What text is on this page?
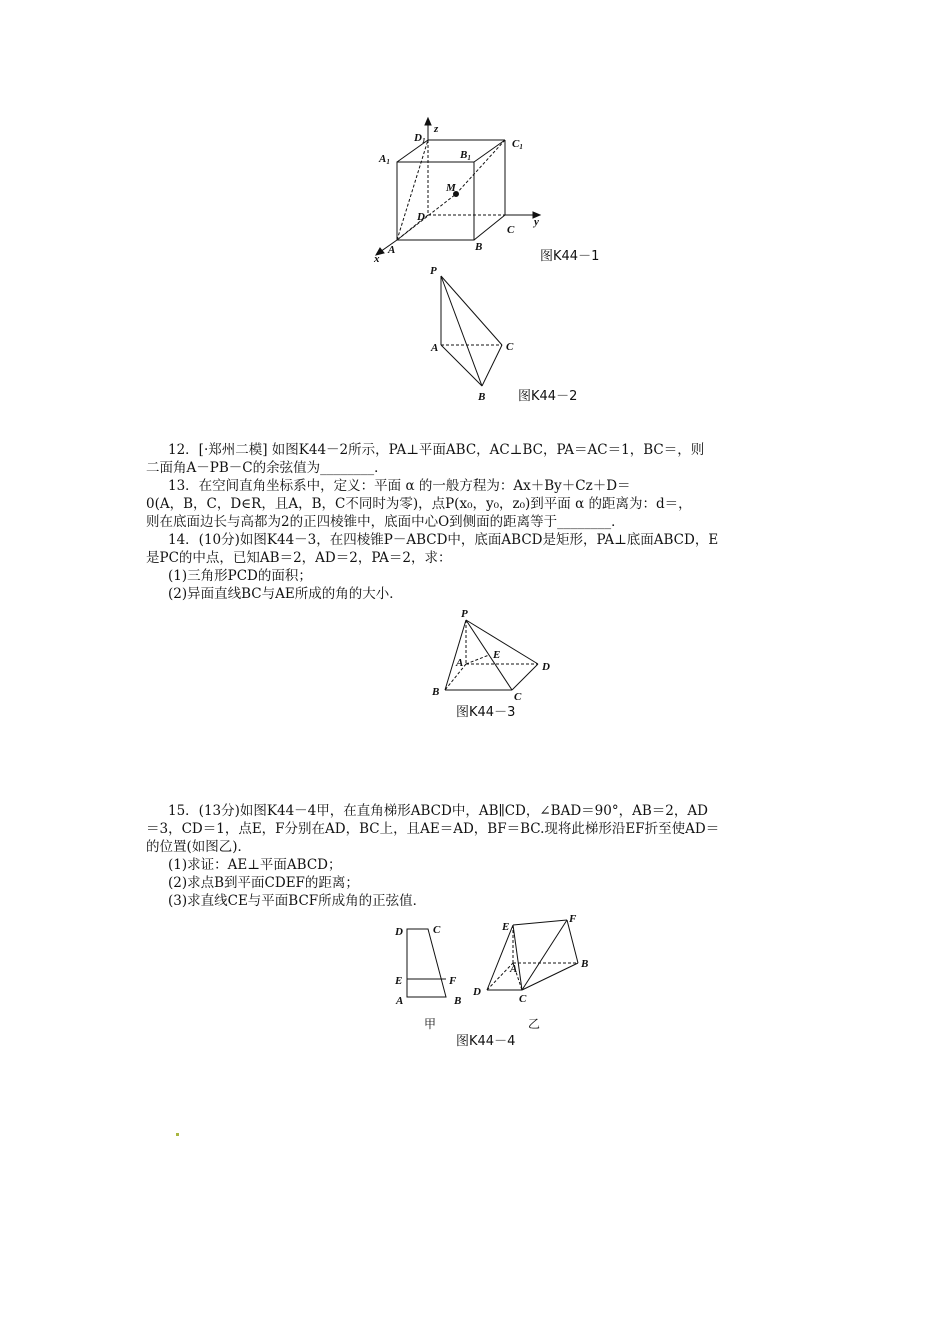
D1
z
C1
A1
B1
M
D	y
A	B
C
x	图K44－1
P
A	C
B	图K44－2
P
A
E
D
B	C
图K44－3
D	C
E	F
A	B
甲
E
F
A	B
D
C
乙
图K44－4
12．[·郑州二模] 如图K44－2所示，PA⊥平面ABC，AC⊥BC，PA＝AC＝1，BC＝，则
二面角A－PB－C的余弦值为________．
13．在空间直角坐标系中，定义：平面 α 的一般方程为：Ax＋By＋Cz＋D＝
0(A，B，C，D∈R，且A，B，C不同时为零)，点P(x₀，y₀，z₀)到平面 α 的距离为：d＝，
则在底面边长与高都为2的正四棱锥中，底面中心O到侧面的距离等于________．
14．(10分)如图K44－3，在四棱锥P－ABCD中，底面ABCD是矩形，PA⊥底面ABCD，E
是PC的中点，已知AB＝2，AD＝2，PA＝2，求：
(1)三角形PCD的面积；
(2)异面直线BC与AE所成的角的大小．
15．(13分)如图K44－4甲，在直角梯形ABCD中，AB∥CD，∠BAD＝90°，AB＝2，AD
＝3，CD＝1，点E，F分别在AD，BC上，且AE＝AD，BF＝BC.现将此梯形沿EF折至使AD＝
的位置(如图乙)．
(1)求证：AE⊥平面ABCD；
(2)求点B到平面CDEF的距离；
(3)求直线CE与平面BCF所成角的正弦值．
